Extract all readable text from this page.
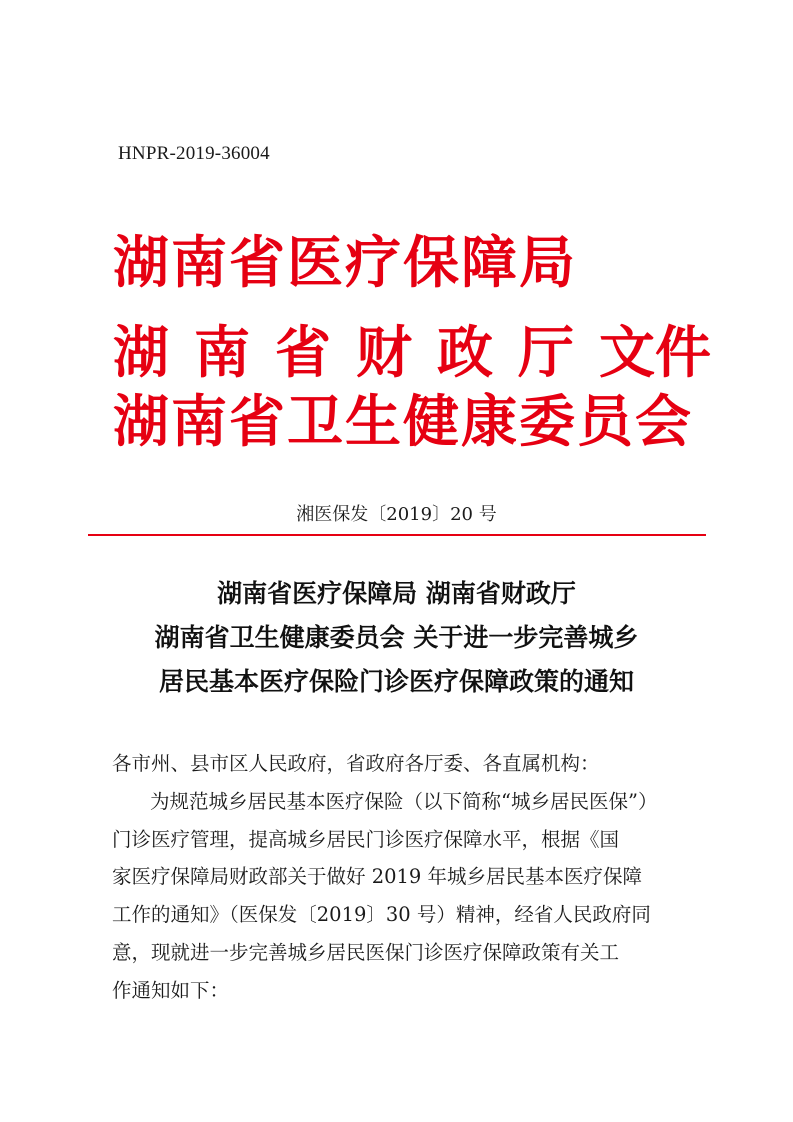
HNPR-2019-36004
湖南省医疗保障局
湖南省财政厅文件
湖南省卫生健康委员会
湘医保发〔2019〕20 号
湖南省医疗保障局 湖南省财政厅
湖南省卫生健康委员会 关于进一步完善城乡
居民基本医疗保险门诊医疗保障政策的通知

各市州、县市区人民政府，省政府各厅委、各直属机构：

为规范城乡居民基本医疗保险（以下简称“城乡居民医保”）
门诊医疗管理，提高城乡居民门诊医疗保障水平，根据《国
家医疗保障局财政部关于做好 2019 年城乡居民基本医疗保障
工作的通知》（医保发〔2019〕30 号）精神，经省人民政府同
意，现就进一步完善城乡居民医保门诊医疗保障政策有关工
作通知如下：
